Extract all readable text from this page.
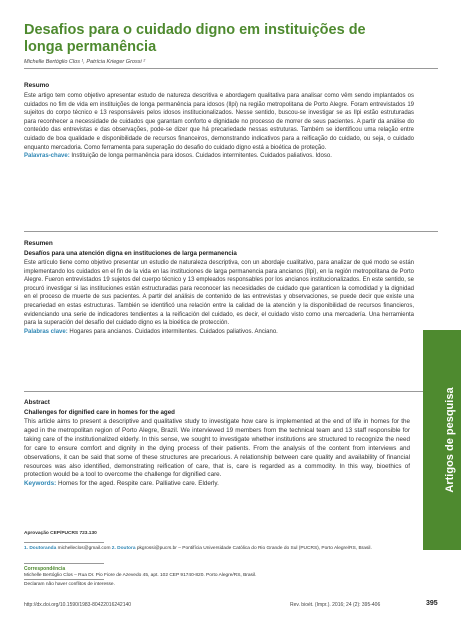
Desafios para o cuidado digno em instituições de longa permanência
Michelle Bertóglio Clos ¹, Patrícia Krieger Grossi ²
Resumo

Este artigo tem como objetivo apresentar estudo de natureza descritiva e abordagem qualitativa para analisar como vêm sendo implantados os cuidados no fim de vida em instituições de longa permanência para idosos (Ilpi) na região metropolitana de Porto Alegre. Foram entrevistados 19 sujeitos do corpo técnico e 13 responsáveis pelos idosos institucionalizados. Nesse sentido, buscou-se investigar se as Ilpi estão estruturadas para reconhecer a necessidade de cuidados que garantam conforto e dignidade no processo de morrer de seus pacientes. A partir da análise do conteúdo das entrevistas e das observações, pode-se dizer que há precariedade nessas estruturas. Também se identificou uma relação entre cuidado de boa qualidade e disponibilidade de recursos financeiros, demonstrando indicativos para a reificação do cuidado, ou seja, o cuidado enquanto mercadoria. Como ferramenta para superação do desafio do cuidado digno está a bioética de proteção.

Palavras-chave: Instituição de longa permanência para idosos. Cuidados intermitentes. Cuidados paliativos. Idoso.

Resumen
Desafíos para una atención digna en instituciones de larga permanencia

Este artículo tiene como objetivo presentar un estudio de naturaleza descriptiva, con un abordaje cualitativo, para analizar de qué modo se están implementando los cuidados en el fin de la vida en las instituciones de larga permanencia para ancianos (Ilpi), en la región metropolitana de Porto Alegre. Fueron entrevistados 19 sujetos del cuerpo técnico y 13 empleados responsables por los ancianos institucionalizados. En este sentido, se procuró investigar si las instituciones están estructuradas para reconocer las necesidades de cuidado que garanticen la comodidad y la dignidad en el proceso de muerte de sus pacientes. A partir del análisis de contenido de las entrevistas y observaciones, se puede decir que existe una precariedad en estas estructuras. También se identificó una relación entre la calidad de la atención y la disponibilidad de recursos financieros, evidenciando una serie de indicadores tendientes a la reificación del cuidado, es decir, el cuidado visto como una mercadería. Una herramienta para la superación del desafío del cuidado digno es la bioética de protección.

Palabras clave: Hogares para ancianos. Cuidados intermitentes. Cuidados paliativos. Anciano.

Abstract
Challenges for dignified care in homes for the aged

This article aims to present a descriptive and qualitative study to investigate how care is implemented at the end of life in homes for the aged in the metropolitan region of Porto Alegre, Brazil. We interviewed 19 members from the technical team and 13 staff responsible for taking care of the institutionalized elderly. In this sense, we sought to investigate whether institutions are structured to recognize the need for care to ensure comfort and dignity in the dying process of their patients. From the analysis of the content from interviews and observations, it can be said that some of these structures are precarious. A relationship between care quality and availability of financial resources was also identified, demonstrating reification of care, that is, care is regarded as a commodity. In this way, bioethics of protection would be a tool to overcome the challenge for dignified care.

Keywords: Homes for the aged. Respite care. Palliative care. Elderly.	Artigos de pesquisa

Aprovação CEP/PUCRS 723.130

1. Doutoranda michelleclos@gmail.com 2. Doutora pkgrossi@pucrs.br – Pontifícia Universidade Católica do Rio Grande do Sul (PUCRS), Porto Alegre/RS, Brasil.

Correspondência

Michelle Bertóglio Clos – Rua Dr. Pio Fiore de Azevedo 45, apt. 102 CEP 91740-820. Porto Alegre/RS, Brasil.

Declaram não haver conflitos de interesse.

http://dx.doi.org/10.1590/1983-80422016242140	Rev. bioét. (Impr.). 2016; 24 (2): 395-406	395
